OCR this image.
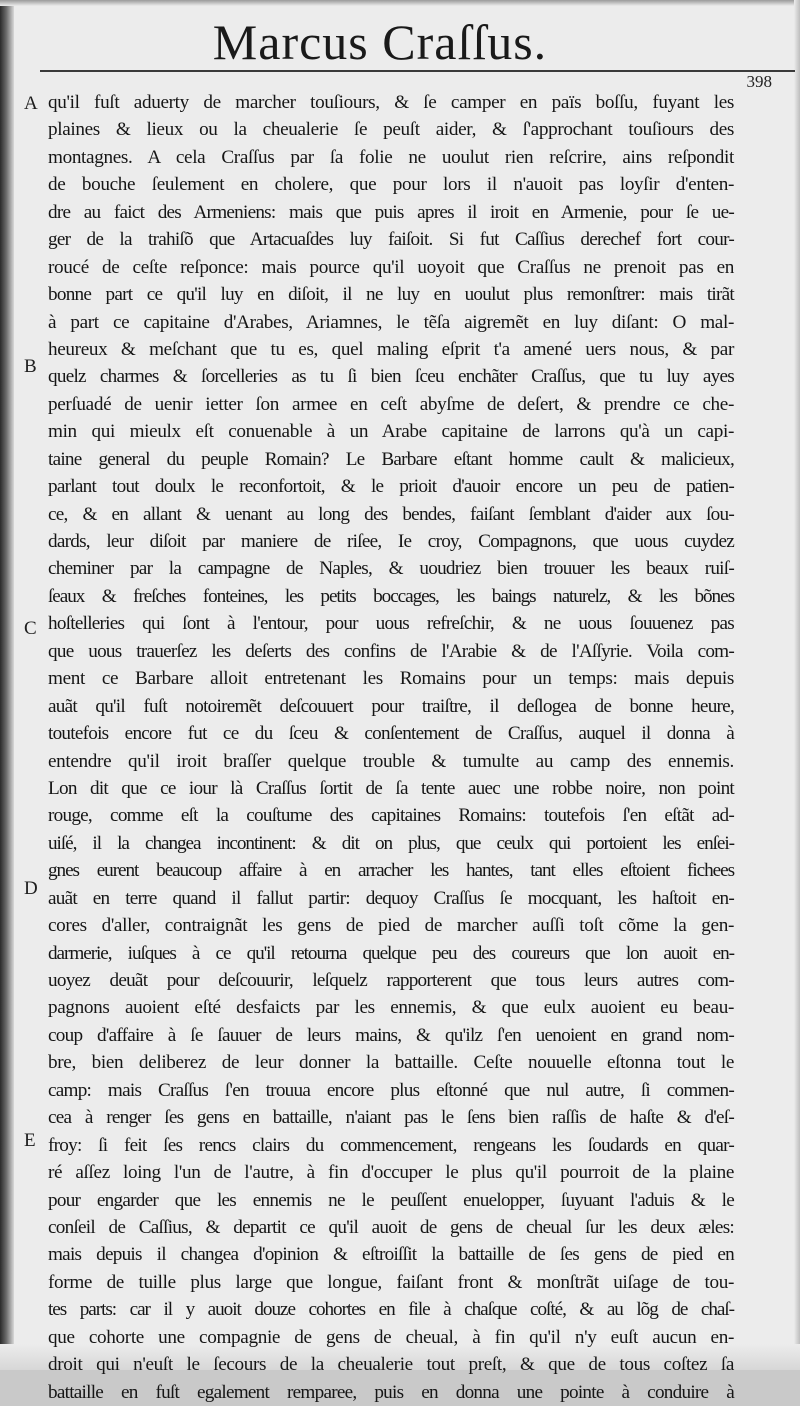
Marcus Craſſus.
398
A
B
C
D
E
qu'il fuſt aduerty de marcher touſiours, & ſe camper en païs boſſu, fuyant les
plaines & lieux ou la cheualerie ſe peuſt aider, & ſ'approchant touſiours des
montagnes. A cela Craſſus par ſa folie ne uoulut rien reſcrire, ains reſpondit
de bouche ſeulement en cholere, que pour lors il n'auoit pas loyſir d'enten-
dre au faict des Armeniens: mais que puis apres il iroit en Armenie, pour ſe ue-
ger de la trahiſõ que Artacuaſdes luy faiſoit. Si fut Caſſius derechef fort cour-
roucé de ceſte reſponce: mais pource qu'il uoyoit que Craſſus ne prenoit pas en
bonne part ce qu'il luy en diſoit, il ne luy en uoulut plus remonſtrer: mais tirãt
à part ce capitaine d'Arabes, Ariamnes, le tẽſa aigremẽt en luy diſant: O mal-
heureux & meſchant que tu es, quel maling eſprit t'a amené uers nous, & par
quelz charmes & ſorcelleries as tu ſi bien ſceu enchãter Craſſus, que tu luy ayes
perſuadé de uenir ietter ſon armee en ceſt abyſme de deſert, & prendre ce che-
min qui mieulx eſt conuenable à un Arabe capitaine de larrons qu'à un capi-
taine general du peuple Romain? Le Barbare eſtant homme cault & malicieux,
parlant tout doulx le reconfortoit, & le prioit d'auoir encore un peu de patien-
ce, & en allant & uenant au long des bendes, faiſant ſemblant d'aider aux ſou-
dards, leur diſoit par maniere de riſee, Ie croy, Compagnons, que uous cuydez
cheminer par la campagne de Naples, & uoudriez bien trouuer les beaux ruiſ-
ſeaux & freſches fonteines, les petits boccages, les baings naturelz, & les bõnes
hoſtelleries qui ſont à l'entour, pour uous refreſchir, & ne uous ſouuenez pas
que uous trauerſez les deſerts des confins de l'Arabie & de l'Aſſyrie. Voila com-
ment ce Barbare alloit entretenant les Romains pour un temps: mais depuis
auãt qu'il fuſt notoiremẽt deſcouuert pour traiſtre, il deſlogea de bonne heure,
toutefois encore fut ce du ſceu & conſentement de Craſſus, auquel il donna à
entendre qu'il iroit braſſer quelque trouble & tumulte au camp des ennemis.
Lon dit que ce iour là Craſſus ſortit de ſa tente auec une robbe noire, non point
rouge, comme eſt la couſtume des capitaines Romains: toutefois ſ'en eſtãt ad-
uiſé, il la changea incontinent: & dit on plus, que ceulx qui portoient les enſei-
gnes eurent beaucoup affaire à en arracher les hantes, tant elles eſtoient fichees
auãt en terre quand il fallut partir: dequoy Craſſus ſe mocquant, les haſtoit en-
cores d'aller, contraignãt les gens de pied de marcher auſſi toſt cõme la gen-
darmerie, iuſques à ce qu'il retourna quelque peu des coureurs que lon auoit en-
uoyez deuãt pour deſcouurir, leſquelz rapporterent que tous leurs autres com-
pagnons auoient eſté desfaicts par les ennemis, & que eulx auoient eu beau-
coup d'affaire à ſe ſauuer de leurs mains, & qu'ilz ſ'en uenoient en grand nom-
bre, bien deliberez de leur donner la battaille. Ceſte nouuelle eſtonna tout le
camp: mais Craſſus ſ'en trouua encore plus eſtonné que nul autre, ſi commen-
cea à renger ſes gens en battaille, n'aiant pas le ſens bien raſſis de haſte & d'eſ-
froy: ſi feit ſes rencs clairs du commencement, rengeans les ſoudards en quar-
ré aſſez loing l'un de l'autre, à fin d'occuper le plus qu'il pourroit de la plaine
pour engarder que les ennemis ne le peuſſent enuelopper, ſuyuant l'aduis & le
conſeil de Caſſius, & departit ce qu'il auoit de gens de cheual ſur les deux æles:
mais depuis il changea d'opinion & eſtroiſſit la battaille de ſes gens de pied en
forme de tuille plus large que longue, faiſant front & monſtrãt uiſage de tou-
tes parts: car il y auoit douze cohortes en file à chaſque coſté, & au lõg de chaſ-
que cohorte une compagnie de gens de cheual, à fin qu'il n'y euſt aucun en-
droit qui n'euſt le ſecours de la cheualerie tout preſt, & que de tous coſtez ſa
battaille en fuſt egalement remparee, puis en donna une pointe à conduire à
